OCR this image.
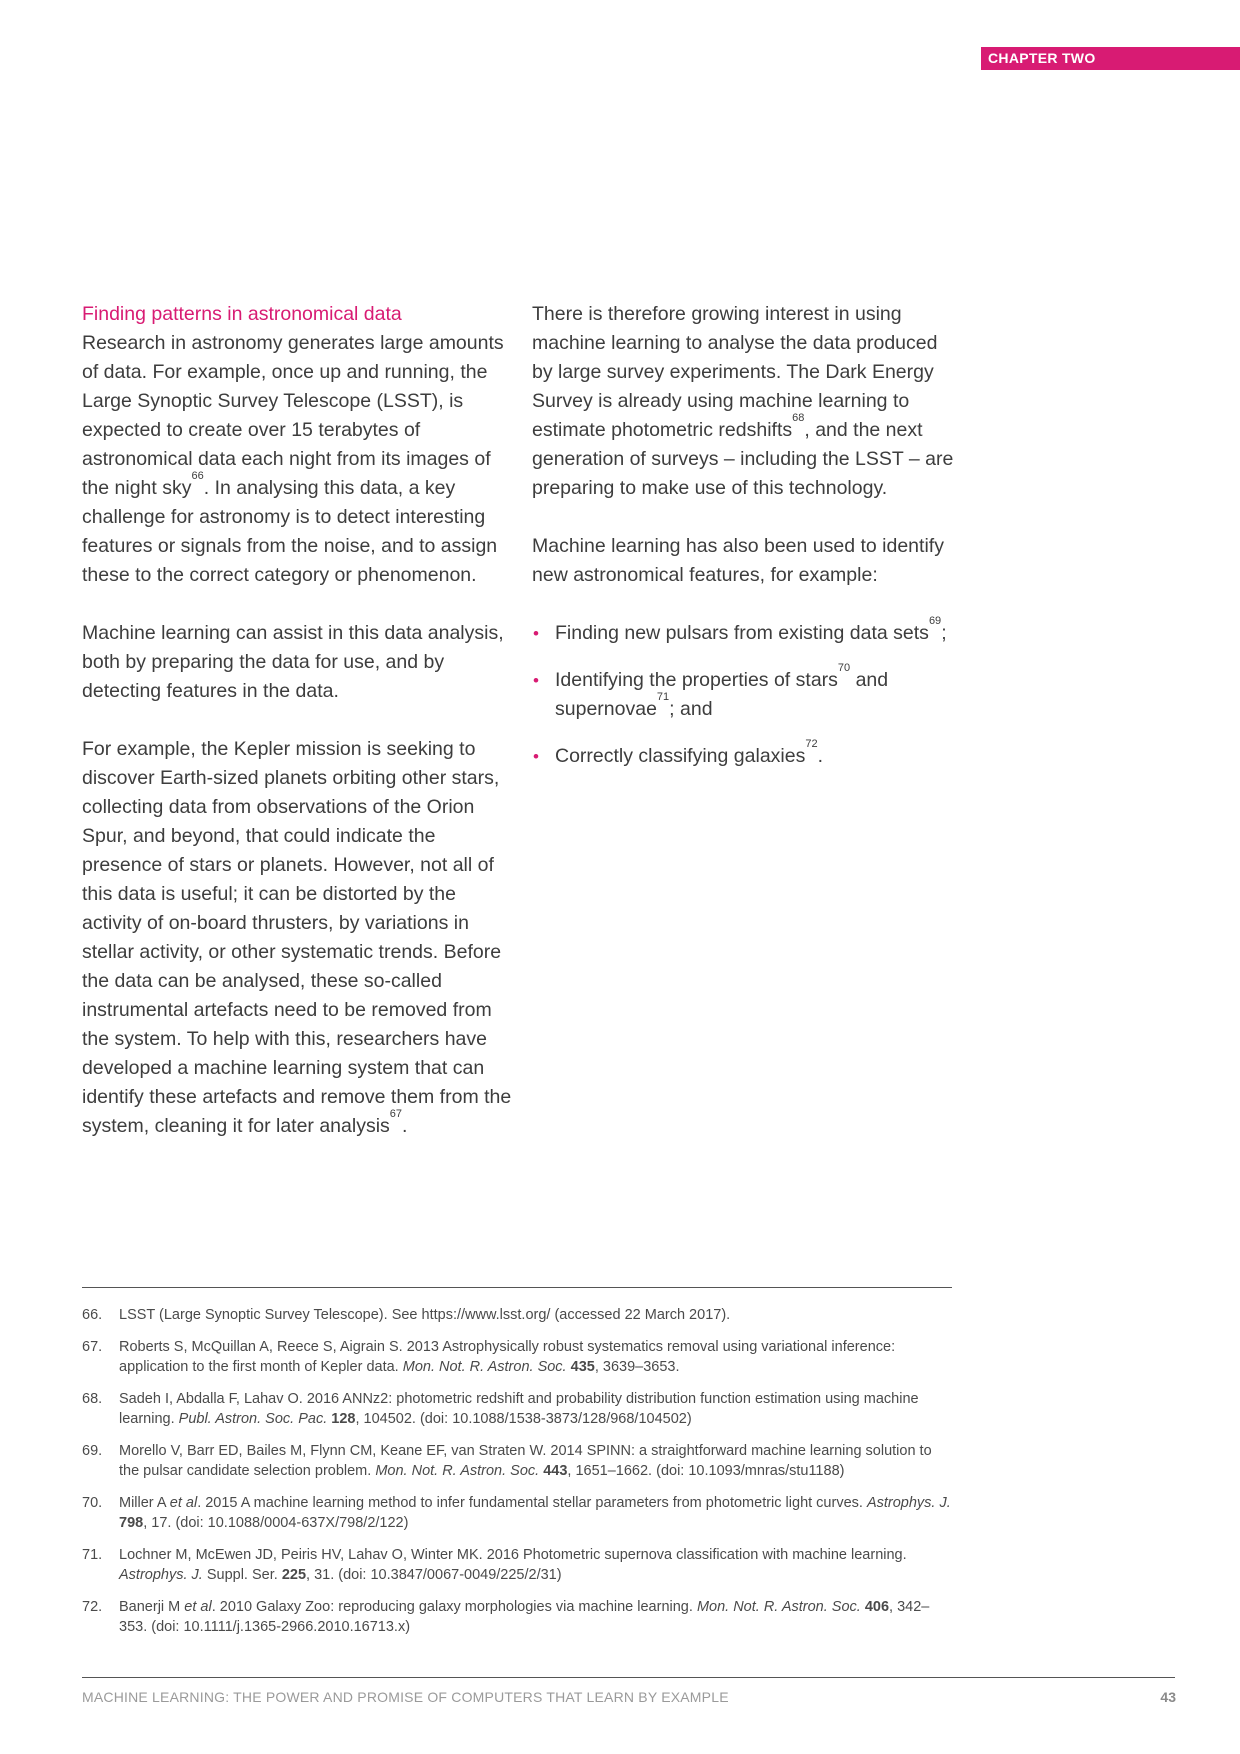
CHAPTER TWO
Finding patterns in astronomical data

Research in astronomy generates large amounts of data. For example, once up and running, the Large Synoptic Survey Telescope (LSST), is expected to create over 15 terabytes of astronomical data each night from its images of the night sky$^{66}$. In analysing this data, a key challenge for astronomy is to detect interesting features or signals from the noise, and to assign these to the correct category or phenomenon.

Machine learning can assist in this data analysis, both by preparing the data for use, and by detecting features in the data.

For example, the Kepler mission is seeking to discover Earth-sized planets orbiting other stars, collecting data from observations of the Orion Spur, and beyond, that could indicate the presence of stars or planets. However, not all of this data is useful; it can be distorted by the activity of on-board thrusters, by variations in stellar activity, or other systematic trends. Before the data can be analysed, these so-called instrumental artefacts need to be removed from the system. To help with this, researchers have developed a machine learning system that can identify these artefacts and remove them from the system, cleaning it for later analysis$^{67}$.

There is therefore growing interest in using machine learning to analyse the data produced by large survey experiments. The Dark Energy Survey is already using machine learning to estimate photometric redshifts$^{68}$, and the next generation of surveys – including the LSST – are preparing to make use of this technology.

Machine learning has also been used to identify new astronomical features, for example:

• Finding new pulsars from existing data sets$^{69}$;
• Identifying the properties of stars$^{70}$ and supernovae$^{71}$; and
• Correctly classifying galaxies$^{72}$.
66.	LSST (Large Synoptic Survey Telescope). See https://www.lsst.org/ (accessed 22 March 2017).
67.	Roberts S, McQuillan A, Reece S, Aigrain S. 2013 Astrophysically robust systematics removal using variational inference: application to the first month of Kepler data. Mon. Not. R. Astron. Soc. 435, 3639–3653.
68.	Sadeh I, Abdalla F, Lahav O. 2016 ANNz2: photometric redshift and probability distribution function estimation using machine learning. Publ. Astron. Soc. Pac. 128, 104502. (doi: 10.1088/1538-3873/128/968/104502)
69.	Morello V, Barr ED, Bailes M, Flynn CM, Keane EF, van Straten W. 2014 SPINN: a straightforward machine learning solution to the pulsar candidate selection problem. Mon. Not. R. Astron. Soc. 443, 1651–1662. (doi: 10.1093/mnras/stu1188)
70.	Miller A et al. 2015 A machine learning method to infer fundamental stellar parameters from photometric light curves. Astrophys. J. 798, 17. (doi: 10.1088/0004-637X/798/2/122)
71.	Lochner M, McEwen JD, Peiris HV, Lahav O, Winter MK. 2016 Photometric supernova classification with machine learning. Astrophys. J. Suppl. Ser. 225, 31. (doi: 10.3847/0067-0049/225/2/31)
72.	Banerji M et al. 2010 Galaxy Zoo: reproducing galaxy morphologies via machine learning. Mon. Not. R. Astron. Soc. 406, 342–353. (doi: 10.1111/j.1365-2966.2010.16713.x)
MACHINE LEARNING: THE POWER AND PROMISE OF COMPUTERS THAT LEARN BY EXAMPLE	43
